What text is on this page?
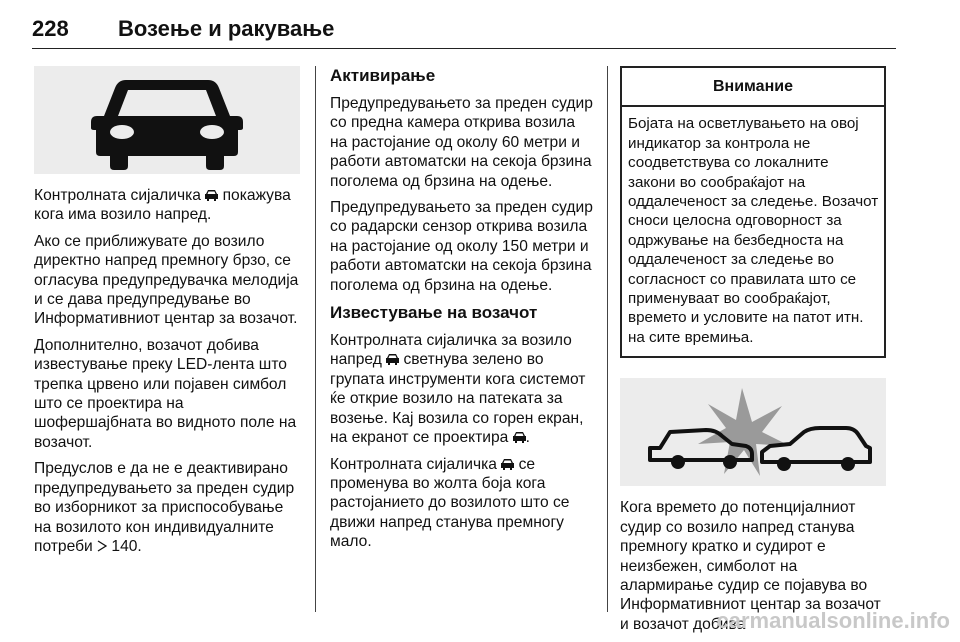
228 Возење и ракување

Контролната сијаличка  покажува кога има возило напред.

Ако се приближувате до возило директно напред премногу брзо, се огласува предупредувачка мелодија и се дава предупредување во Информативниот центар за возачот.

Дополнително, возачот добива известување преку LED-лента што трепка црвено или појавен симбол што се проектира на шофершајбната во видното поле на возачот.

Предуслов е да не е деактивирано предупредувањето за преден судир во изборникот за приспособување на возилото кон индивидуалните потреби  140.

Активирање

Предупредувањето за преден судир со предна камера открива возила на растојание од околу 60 метри и работи автоматски на секоја брзина поголема од брзина на одење.

Предупредувањето за преден судир со радарски сензор открива возила на растојание од околу 150 метри и работи автоматски на секоја брзина поголема од брзина на одење.

Известување на возачот

Контролната сијаличка за возило напред  светнува зелено во групата инструменти кога системот ќе открие возило на патеката за возење. Кај возила со горен екран, на екранот се проектира .

Контролната сијаличка  се променува во жолта боја кога растојанието до возилото што се движи напред станува премногу мало.

Внимание
Бојата на осветлувањето на овој индикатор за контрола не соодветствува со локалните закони во сообраќајот на оддалеченост за следење. Возачот сноси целосна одговорност за одржување на безбедноста на оддалеченост за следење во согласност со правилата што се применуваат во сообраќајот, времето и условите на патот итн. на сите времиња.

Кога времето до потенцијалниот судир со возило напред станува премногу кратко и судирот е неизбежен, симболот на алармирање судир се појавува во Информативниот центар за возачот и возачот добива

carmanualsonline.info
